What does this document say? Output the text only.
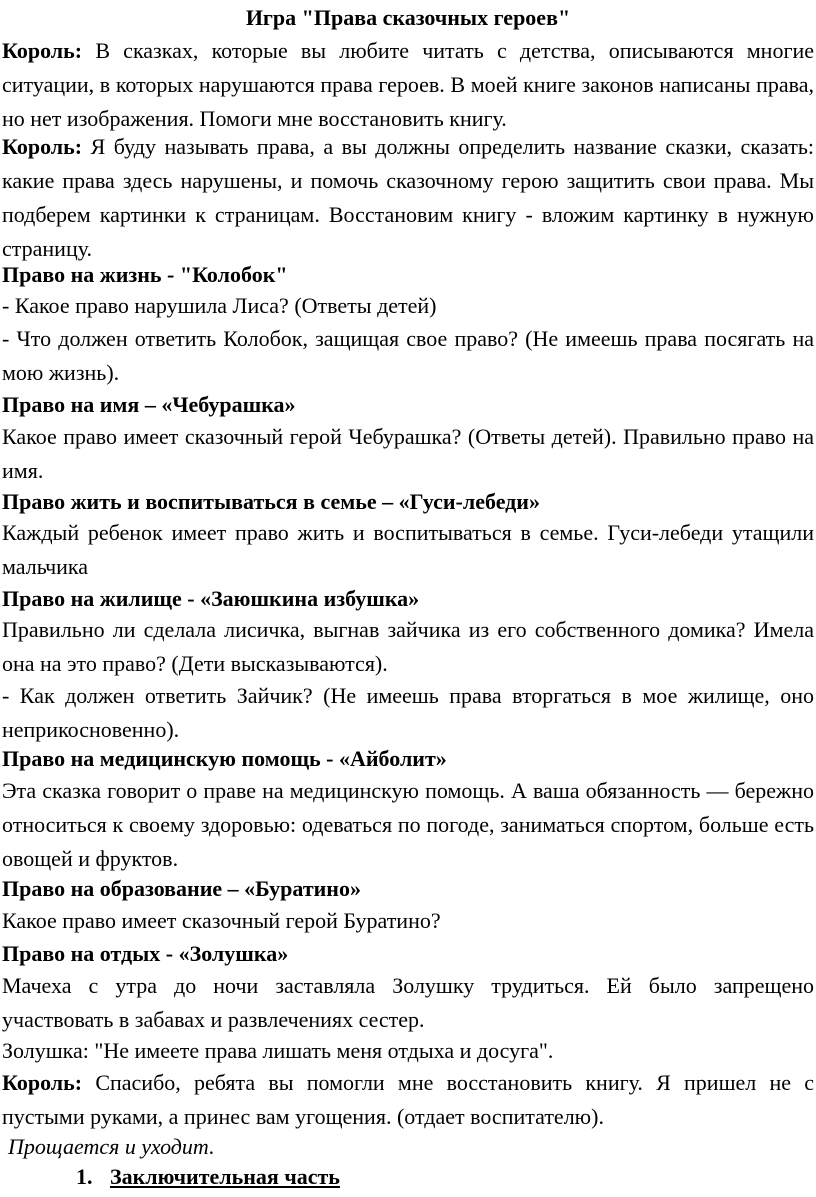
Игра "Права сказочных героев"
Король: В сказках, которые вы любите читать с детства, описываются многие ситуации, в которых нарушаются права героев. В моей книге законов написаны права, но нет изображения. Помоги мне восстановить книгу.
Король: Я буду называть права, а вы должны определить название сказки, сказать: какие права здесь нарушены, и помочь сказочному герою защитить свои права. Мы подберем картинки к страницам. Восстановим книгу - вложим картинку в нужную страницу.
Право на жизнь - "Колобок"
- Какое право нарушила Лиса? (Ответы детей)
- Что должен ответить Колобок, защищая свое право? (Не имеешь права посягать на мою жизнь).
Право на имя – «Чебурашка»
Какое право имеет сказочный герой Чебурашка? (Ответы детей). Правильно право на имя.
Право жить и воспитываться в семье – «Гуси-лебеди»
Каждый ребенок имеет право жить и воспитываться в семье. Гуси-лебеди утащили мальчика
Право на жилище - «Заюшкина избушка»
Правильно ли сделала лисичка, выгнав зайчика из его собственного домика? Имела она на это право? (Дети высказываются).
- Как должен ответить Зайчик? (Не имеешь права вторгаться в мое жилище, оно неприкосновенно).
Право на медицинскую помощь - «Айболит»
Эта сказка говорит о праве на медицинскую помощь. А ваша обязанность — бережно относиться к своему здоровью: одеваться по погоде, заниматься спортом, больше есть овощей и фруктов.
Право на образование – «Буратино»
Какое право имеет сказочный герой Буратино?
Право на отдых - «Золушка»
Мачеха с утра до ночи заставляла Золушку трудиться. Ей было запрещено участвовать в забавах и развлечениях сестер.
Золушка: "Не имеете права лишать меня отдыха и досуга".
Король: Спасибо, ребята вы помогли мне восстановить книгу. Я пришел не с пустыми руками, а принес вам угощения. (отдает воспитателю).
Прощается и уходит.
1. Заключительная часть
